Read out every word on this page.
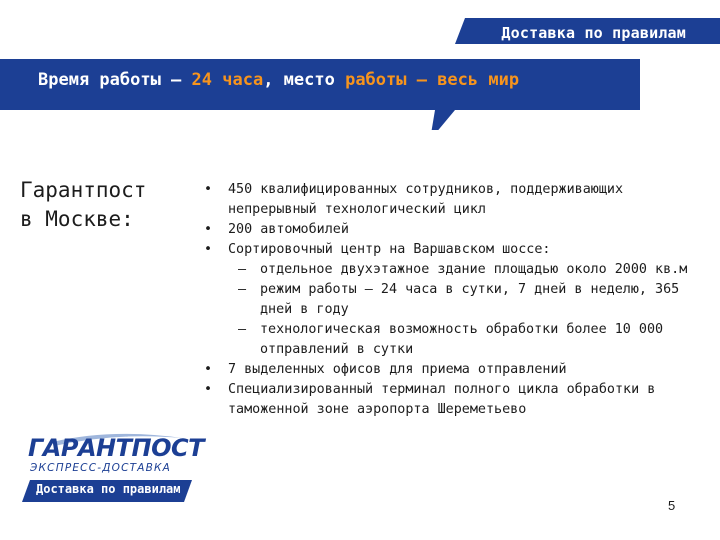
Доставка по правилам
Время работы – 24 часа, место работы – весь мир
Гарантпост
в Москве:
• 450 квалифицированных сотрудников, поддерживающих непрерывный технологический цикл
• 200 автомобилей
• Сортировочный центр на Варшавском шоссе:
– отдельное двухэтажное здание площадью около 2000 кв.м
– режим работы – 24 часа в сутки, 7 дней в неделю, 365 дней в году
– технологическая возможность обработки более 10 000 отправлений в сутки
• 7 выделенных офисов для приема отправлений
• Специализированный терминал полного цикла обработки в таможенной зоне аэропорта Шереметьево
ГАРАНТПОСТ
ЭКСПРЕСС-ДОСТАВКА
Доставка по правилам
5
